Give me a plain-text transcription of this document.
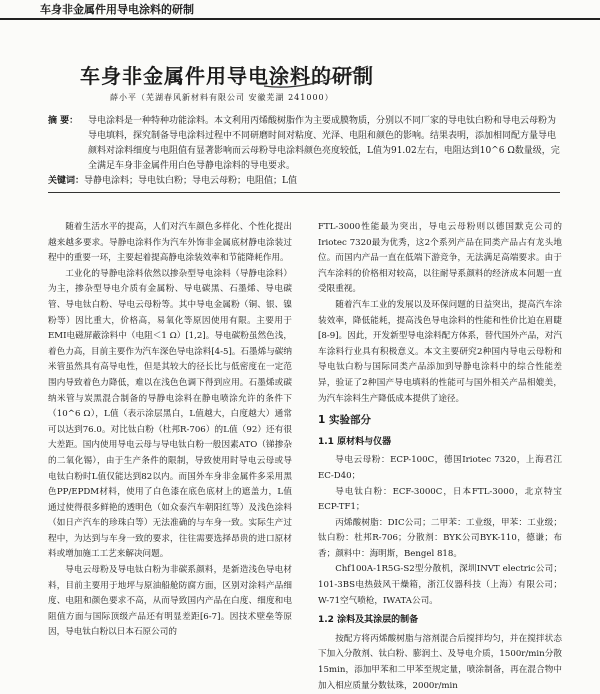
车身非金属件用导电涂料的研制
车身非金属件用导电涂料的研制
薛小平（芜湖春风新材料有限公司 安徽芜湖 241000）
摘 要：	导电涂料是一种特种功能涂料。本文利用丙烯酸树脂作为主要成膜物质，分别以不同厂家的导电钛白粉和导电云母粉为导电填料，探究制备导电涂料过程中不同研磨时间对粘度、光泽、电阻和颜色的影响。结果表明，添加相同配方量导电颜料对涂料细度与电阻值有显著影响而云母粉导电涂料颜色亮度较低，L值为91.02左右，电阻达到10^6 Ω数量级，完全满足车身非金属件用白色导静电涂料的导电要求。
关键词：导静电涂料；导电钛白粉；导电云母粉；电阻值；L值

随着生活水平的提高，人们对汽车颜色多样化、个性化提出越来越多要求。导静电涂料作为汽车外饰非金属底材静电涂装过程中的重要一环，主要起着提高静电涂装效率和节能降耗作用。

工业化的导静电涂料依然以掺杂型导电涂料（导静电涂料）为主，掺杂型导电介质有金属粉、导电碳黑、石墨烯、导电碳管、导电钛白粉、导电云母粉等。其中导电金属粉（铜、银、镍粉等）因比重大，价格高，易氧化等原因使用有限。主要用于EMI电磁屏蔽涂料中（电阻＜1 Ω）[1,2]。导电碳粉虽然色浅，着色力高，目前主要作为汽车深色导电涂料[4-5]。石墨烯与碳纳米管虽然具有高导电性，但是其较大的径长比与低密度在一定范围内导致着色力降低，难以在浅色色调下得到应用。石墨烯或碳纳米管与炭黑混合制备的导静电涂料在静电喷涂允许的条件下（10^6 Ω），L值（表示涂层黑白，L值越大，白度越大）通常可以达到76.0。对比钛白粉（杜邦R-706）的L值（92）还有很大差距。国内使用导电云母与导电钛白粉一般因素ATO（锑掺杂的二氧化锡），由于生产条件的限制，导致使用时导电云母或导电钛白粉时L值仅能达到82以内。而国外车身非金属件多采用黑色PP/EPDM材料，使用了白色漆在底色底材上的遮盖力，L值通过使得很多鲜艳的透明色（如众泰汽车朝阳红等）及浅色涂料（如日产汽车的珍珠白等）无法准确的与车身一致。实际生产过程中，为达到与车身一致的要求，往往需要选择昂贵的进口原材料或增加施工工艺来解决问题。

导电云母粉及导电钛白粉为非碳系颜料，是新造浅色导电材料，目前主要用于地坪与原油船舱防腐方面，区别对涂料产品细度、电阻和颜色要求不高，从而导致国内产品在白度、细度和电阻值方面与国际顶级产品还有明显差距[6-7]。因技术壁垒等原因，导电钛白粉以日本石原公司的

FTL-3000性能最为突出，导电云母粉则以德国默克公司的Iriotec 7320最为优秀，这2个系列产品在同类产品占有龙头地位。而国内产品一直在低端下游竞争，无法满足高端要求。由于汽车涂料的价格相对较高，以往耐导系颜料的经济成本问题一直受限重视。

随着汽车工业的发展以及环保问题的日益突出，提高汽车涂装效率，降低能耗，提高浅色导电涂料的性能和性价比迫在眉睫[8-9]。因此，开发新型导电涂料配方体系，替代国外产品，对汽车涂料行业具有积极意义。本文主要研究2种国内导电云母粉和导电钛白粉与国际同类产品添加到导静电涂料中的综合性能差异，验证了2种国产导电填料的性能可与国外相关产品相媲美，为汽车涂料生产降低成本提供了途径。

1 实验部分
1.1 原材料与仪器

导电云母粉：ECP-100C，德国Iriotec 7320，上海君江 EC-D40；

导电钛白粉：ECF-3000C，日本FTL-3000，北京特宝 ECP-TF1；

丙烯酸树脂：DIC公司；二甲苯：工业级，甲苯：工业级；钛白粉：杜邦R-706；分散剂：BYK公司BYK-110，德谦；布香；颜料中：海明斯，Bengel 818。

Chf100A-1R5G-S2型分散机，深圳INVT electric公司；101-3BS电热鼓风干燥箱，浙江仪器科技（上海）有限公司；W-71空气喷枪，IWATA公司。

1.2 涂料及其涂层的制备

按配方将丙烯酸树脂与溶剂混合后搅拌均匀，并在搅拌状态下加入分散剂、钛白粉、膨润土、及导电介质，1500r/min分散15min，添加甲苯和二甲苯至规定量，喷涂制备，再在混合物中加入相应质量分数钛珠，2000r/min
